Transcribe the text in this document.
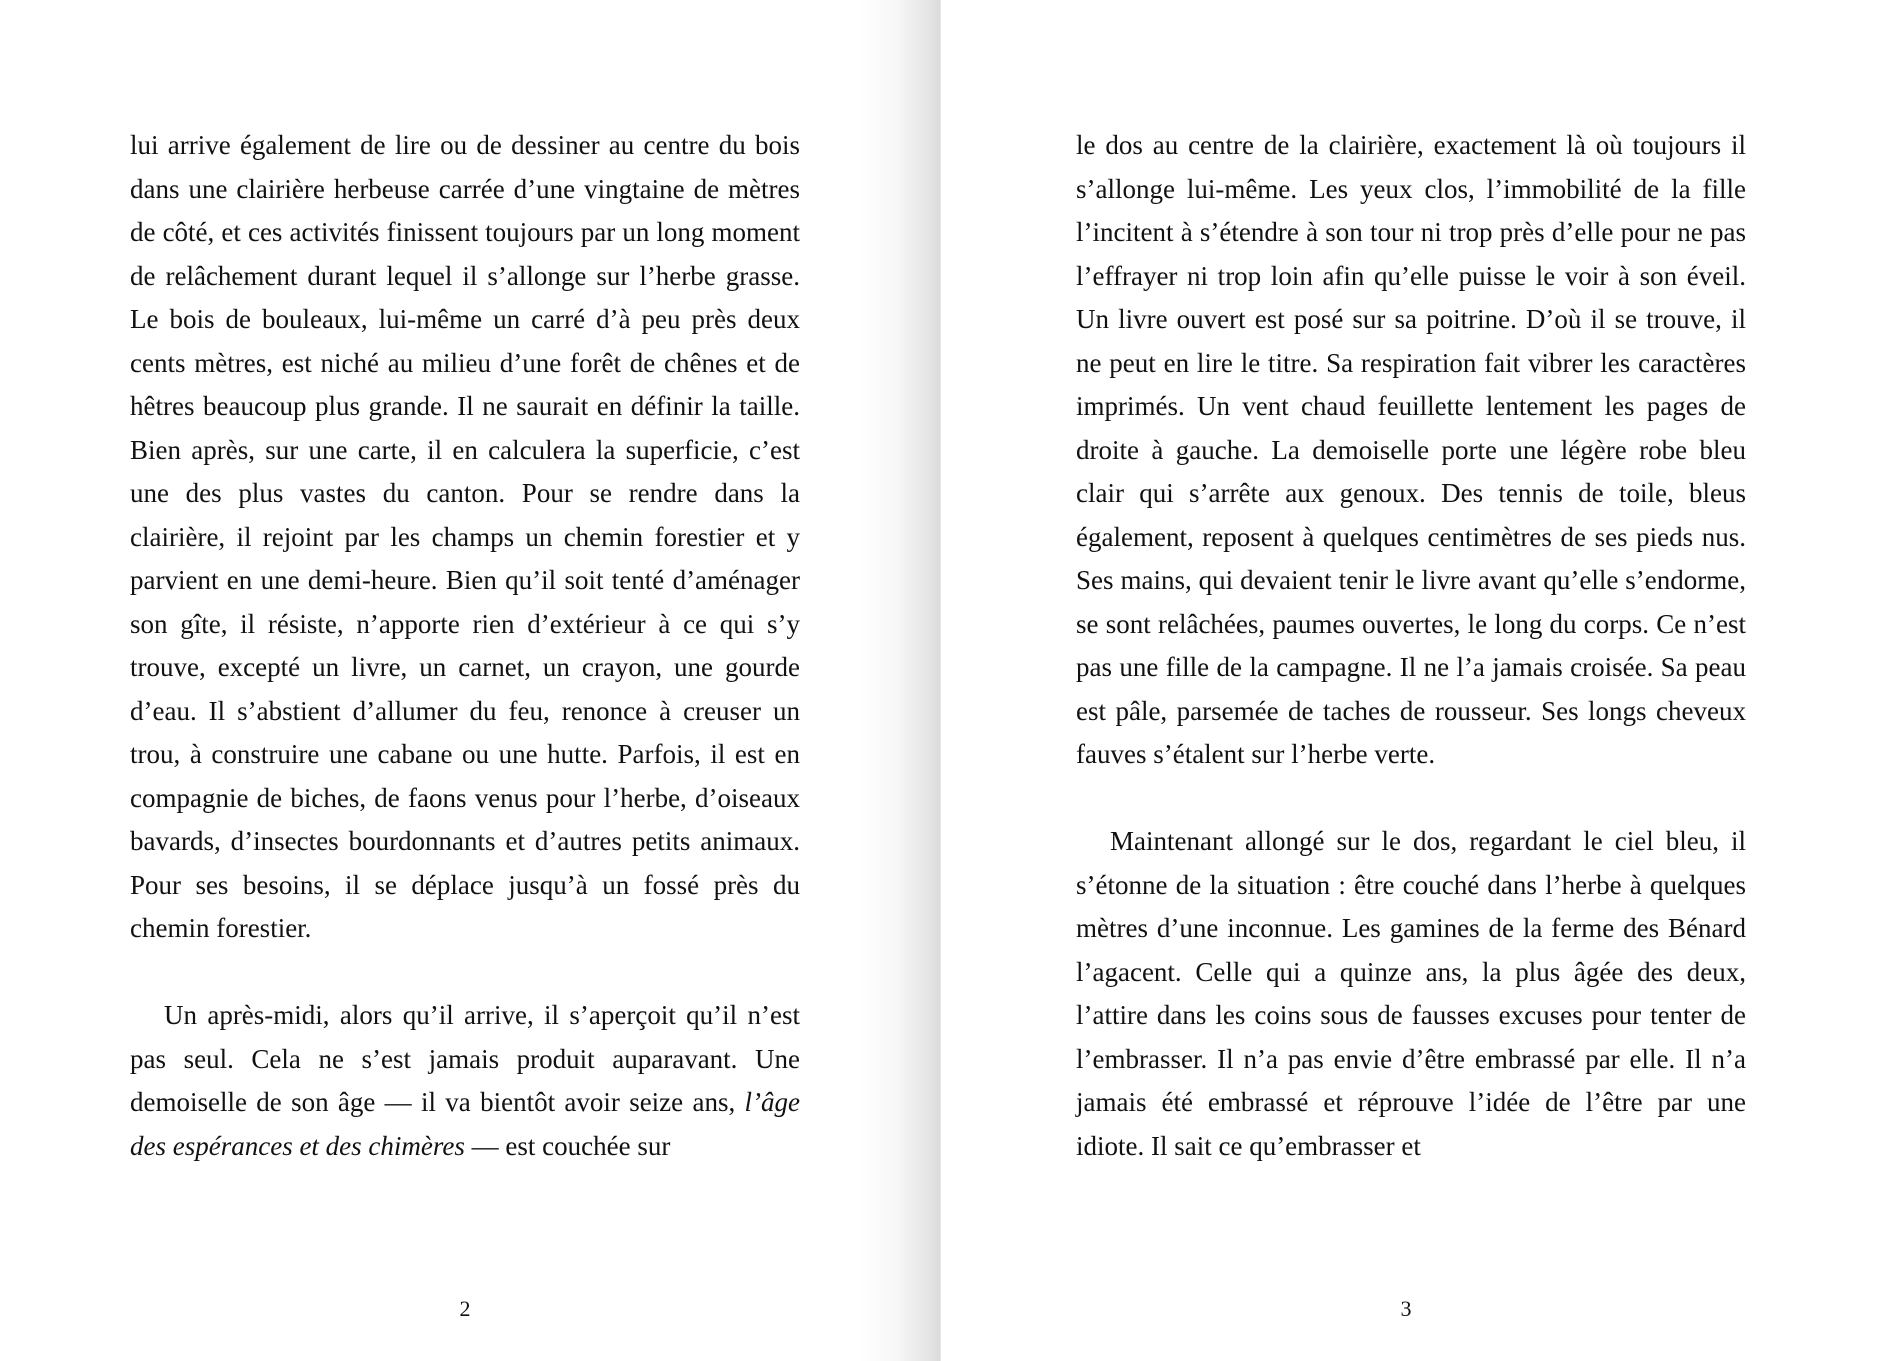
lui arrive également de lire ou de dessiner au centre du bois dans une clairière herbeuse carrée d’une vingtaine de mètres de côté, et ces activités finissent toujours par un long moment de relâchement durant lequel il s’allonge sur l’herbe grasse. Le bois de bouleaux, lui-même un carré d’à peu près deux cents mètres, est niché au milieu d’une forêt de chênes et de hêtres beaucoup plus grande. Il ne saurait en définir la taille. Bien après, sur une carte, il en calculera la superficie, c’est une des plus vastes du canton. Pour se rendre dans la clairière, il rejoint par les champs un chemin forestier et y parvient en une demi-heure. Bien qu’il soit tenté d’aménager son gîte, il résiste, n’apporte rien d’extérieur à ce qui s’y trouve, excepté un livre, un carnet, un crayon, une gourde d’eau. Il s’abstient d’allumer du feu, renonce à creuser un trou, à construire une cabane ou une hutte. Parfois, il est en compagnie de biches, de faons venus pour l’herbe, d’oiseaux bavards, d’insectes bourdonnants et d’autres petits animaux. Pour ses besoins, il se déplace jusqu’à un fossé près du chemin forestier.

Un après-midi, alors qu’il arrive, il s’aperçoit qu’il n’est pas seul. Cela ne s’est jamais produit auparavant. Une demoiselle de son âge — il va bientôt avoir seize ans, l’âge des espérances et des chimères — est couchée sur

2

le dos au centre de la clairière, exactement là où toujours il s’allonge lui-même. Les yeux clos, l’immobilité de la fille l’incitent à s’étendre à son tour ni trop près d’elle pour ne pas l’effrayer ni trop loin afin qu’elle puisse le voir à son éveil. Un livre ouvert est posé sur sa poitrine. D’où il se trouve, il ne peut en lire le titre. Sa respiration fait vibrer les caractères imprimés. Un vent chaud feuillette lentement les pages de droite à gauche. La demoiselle porte une légère robe bleu clair qui s’arrête aux genoux. Des tennis de toile, bleus également, reposent à quelques centimètres de ses pieds nus. Ses mains, qui devaient tenir le livre avant qu’elle s’endorme, se sont relâchées, paumes ouvertes, le long du corps. Ce n’est pas une fille de la campagne. Il ne l’a jamais croisée. Sa peau est pâle, parsemée de taches de rousseur. Ses longs cheveux fauves s’étalent sur l’herbe verte.

Maintenant allongé sur le dos, regardant le ciel bleu, il s’étonne de la situation : être couché dans l’herbe à quelques mètres d’une inconnue. Les gamines de la ferme des Bénard l’agacent. Celle qui a quinze ans, la plus âgée des deux, l’attire dans les coins sous de fausses excuses pour tenter de l’embrasser. Il n’a pas envie d’être embrassé par elle. Il n’a jamais été embrassé et réprouve l’idée de l’être par une idiote. Il sait ce qu’embrasser et

3
